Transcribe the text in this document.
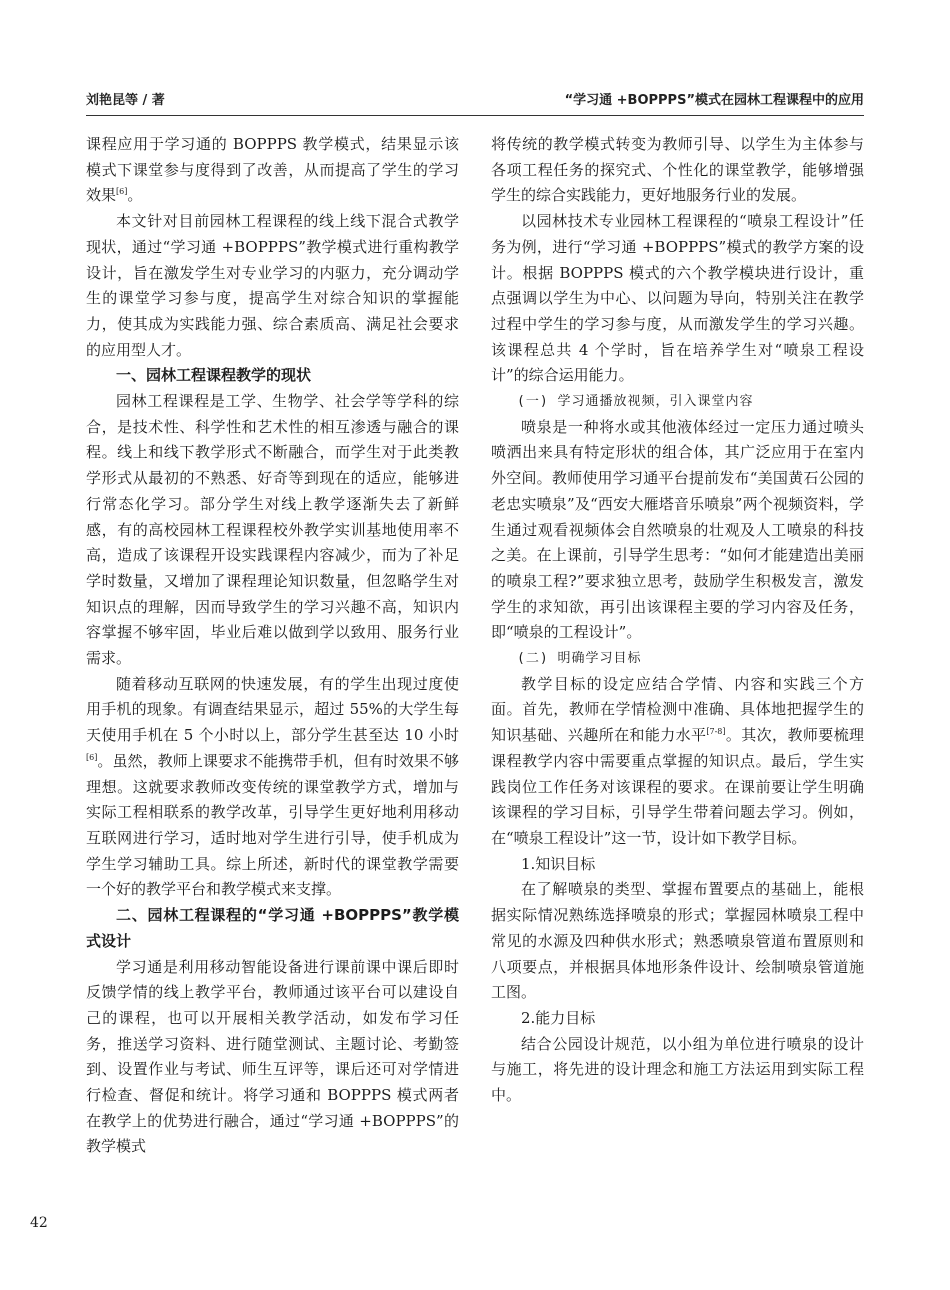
刘艳昆等 / 著	“学习通 +BOPPPS”模式在园林工程课程中的应用

课程应用于学习通的 BOPPPS 教学模式，结果显示该模式下课堂参与度得到了改善，从而提高了学生的学习效果[6]。

本文针对目前园林工程课程的线上线下混合式教学现状，通过“学习通 +BOPPPS”教学模式进行重构教学设计，旨在激发学生对专业学习的内驱力，充分调动学生的课堂学习参与度，提高学生对综合知识的掌握能力，使其成为实践能力强、综合素质高、满足社会要求的应用型人才。

一、园林工程课程教学的现状

园林工程课程是工学、生物学、社会学等学科的综合，是技术性、科学性和艺术性的相互渗透与融合的课程。线上和线下教学形式不断融合，而学生对于此类教学形式从最初的不熟悉、好奇等到现在的适应，能够进行常态化学习。部分学生对线上教学逐渐失去了新鲜感，有的高校园林工程课程校外教学实训基地使用率不高，造成了该课程开设实践课程内容减少，而为了补足学时数量，又增加了课程理论知识数量，但忽略学生对知识点的理解，因而导致学生的学习兴趣不高，知识内容掌握不够牢固，毕业后难以做到学以致用、服务行业需求。

随着移动互联网的快速发展，有的学生出现过度使用手机的现象。有调查结果显示，超过 55%的大学生每天使用手机在 5 个小时以上，部分学生甚至达 10 小时[6]。虽然，教师上课要求不能携带手机，但有时效果不够理想。这就要求教师改变传统的课堂教学方式，增加与实际工程相联系的教学改革，引导学生更好地利用移动互联网进行学习，适时地对学生进行引导，使手机成为学生学习辅助工具。综上所述，新时代的课堂教学需要一个好的教学平台和教学模式来支撑。

二、园林工程课程的“学习通 +BOPPPS”教学模式设计

学习通是利用移动智能设备进行课前课中课后即时反馈学情的线上教学平台，教师通过该平台可以建设自己的课程，也可以开展相关教学活动，如发布学习任务，推送学习资料、进行随堂测试、主题讨论、考勤签到、设置作业与考试、师生互评等，课后还可对学情进行检查、督促和统计。将学习通和 BOPPPS 模式两者在教学上的优势进行融合，通过“学习通 +BOPPPS”的教学模式

将传统的教学模式转变为教师引导、以学生为主体参与各项工程任务的探究式、个性化的课堂教学，能够增强学生的综合实践能力，更好地服务行业的发展。

以园林技术专业园林工程课程的“喷泉工程设计”任务为例，进行“学习通 +BOPPPS”模式的教学方案的设计。根据 BOPPPS 模式的六个教学模块进行设计，重点强调以学生为中心、以问题为导向，特别关注在教学过程中学生的学习参与度，从而激发学生的学习兴趣。该课程总共 4 个学时，旨在培养学生对“喷泉工程设计”的综合运用能力。

(一) 学习通播放视频，引入课堂内容

喷泉是一种将水或其他液体经过一定压力通过喷头喷洒出来具有特定形状的组合体，其广泛应用于在室内外空间。教师使用学习通平台提前发布“美国黄石公园的老忠实喷泉”及“西安大雁塔音乐喷泉”两个视频资料，学生通过观看视频体会自然喷泉的壮观及人工喷泉的科技之美。在上课前，引导学生思考：“如何才能建造出美丽的喷泉工程?”要求独立思考，鼓励学生积极发言，激发学生的求知欲，再引出该课程主要的学习内容及任务，即“喷泉的工程设计”。

(二) 明确学习目标

教学目标的设定应结合学情、内容和实践三个方面。首先，教师在学情检测中准确、具体地把握学生的知识基础、兴趣所在和能力水平[7-8]。其次，教师要梳理课程教学内容中需要重点掌握的知识点。最后，学生实践岗位工作任务对该课程的要求。在课前要让学生明确该课程的学习目标，引导学生带着问题去学习。例如，在“喷泉工程设计”这一节，设计如下教学目标。

1.知识目标

在了解喷泉的类型、掌握布置要点的基础上，能根据实际情况熟练选择喷泉的形式；掌握园林喷泉工程中常见的水源及四种供水形式；熟悉喷泉管道布置原则和八项要点，并根据具体地形条件设计、绘制喷泉管道施工图。

2.能力目标

结合公园设计规范，以小组为单位进行喷泉的设计与施工，将先进的设计理念和施工方法运用到实际工程中。

42
